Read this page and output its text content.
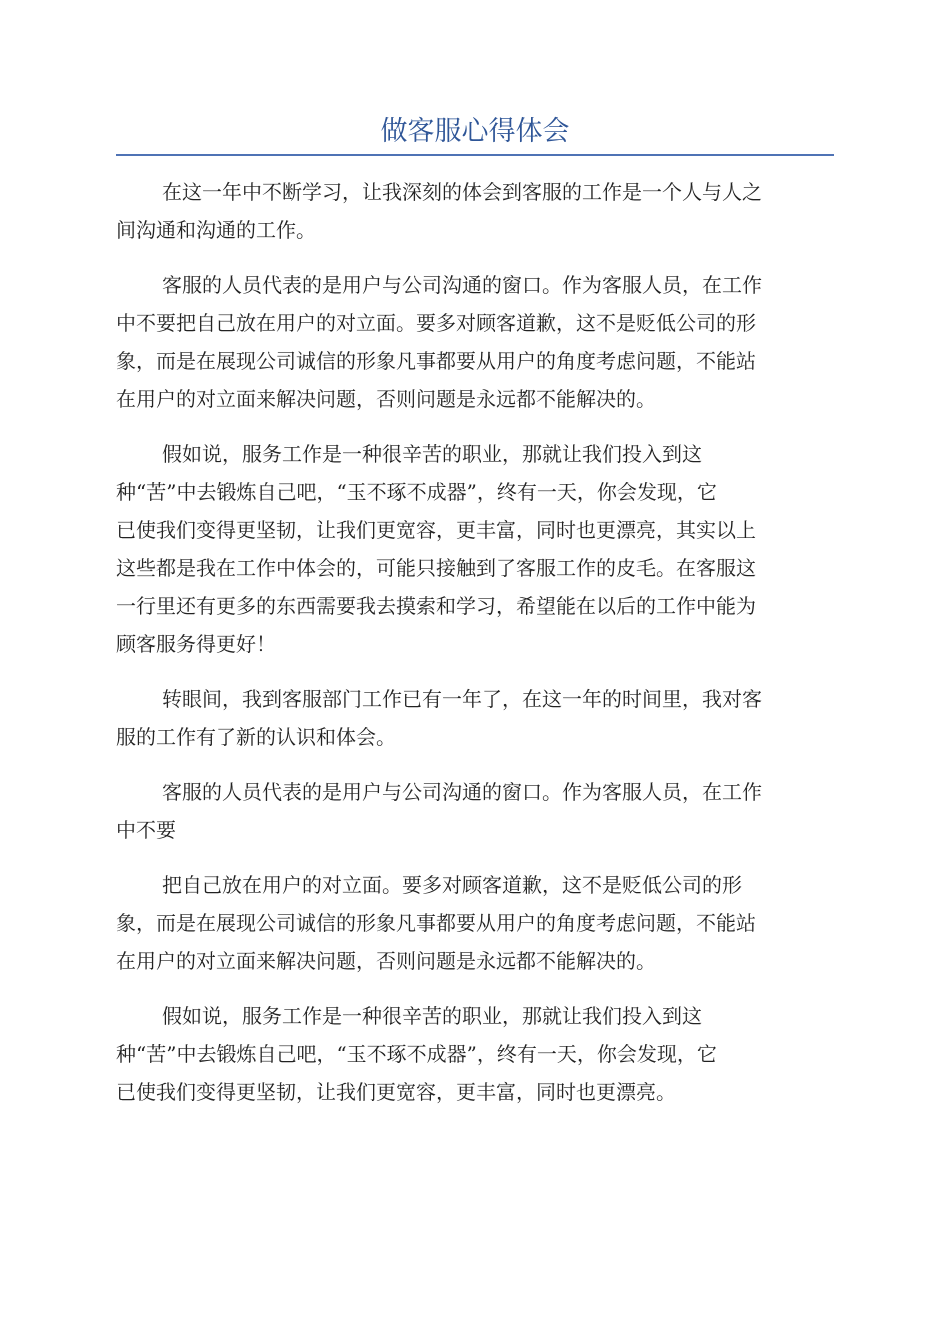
做客服心得体会

在这一年中不断学习，让我深刻的体会到客服的工作是一个人与人之
间沟通和沟通的工作。

客服的人员代表的是用户与公司沟通的窗口。作为客服人员，在工作
中不要把自己放在用户的对立面。要多对顾客道歉，这不是贬低公司的形
象，而是在展现公司诚信的形象凡事都要从用户的角度考虑问题，不能站
在用户的对立面来解决问题，否则问题是永远都不能解决的。

假如说，服务工作是一种很辛苦的职业，那就让我们投入到这
种“苦”中去锻炼自己吧，“玉不琢不成器”，终有一天，你会发现，它
已使我们变得更坚韧，让我们更宽容，更丰富，同时也更漂亮，其实以上
这些都是我在工作中体会的，可能只接触到了客服工作的皮毛。在客服这
一行里还有更多的东西需要我去摸索和学习，希望能在以后的工作中能为
顾客服务得更好！

转眼间，我到客服部门工作已有一年了，在这一年的时间里，我对客
服的工作有了新的认识和体会。

客服的人员代表的是用户与公司沟通的窗口。作为客服人员，在工作
中不要

把自己放在用户的对立面。要多对顾客道歉，这不是贬低公司的形
象，而是在展现公司诚信的形象凡事都要从用户的角度考虑问题，不能站
在用户的对立面来解决问题，否则问题是永远都不能解决的。

假如说，服务工作是一种很辛苦的职业，那就让我们投入到这
种“苦”中去锻炼自己吧，“玉不琢不成器”，终有一天，你会发现，它
已使我们变得更坚韧，让我们更宽容，更丰富，同时也更漂亮。
